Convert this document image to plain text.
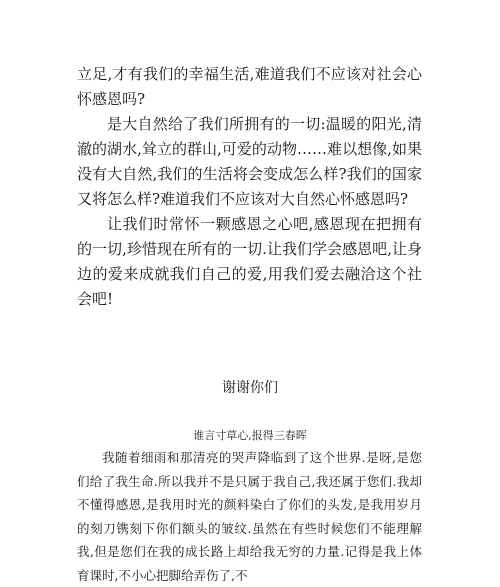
立足,才有我们的幸福生活,难道我们不应该对社会心怀感恩吗?

是大自然给了我们所拥有的一切:温暖的阳光,清澈的湖水,耸立的群山,可爱的动物……难以想像,如果没有大自然,我们的生活将会变成怎么样?我们的国家又将怎么样?难道我们不应该对大自然心怀感恩吗?

让我们时常怀一颗感恩之心吧,感恩现在把拥有的一切,珍惜现在所有的一切.让我们学会感恩吧,让身边的爱来成就我们自己的爱,用我们爱去融洽这个社会吧!

谢谢你们
谁言寸草心,报得三春晖

我随着细雨和那清亮的哭声降临到了这个世界.是呀,是您们给了我生命.所以我并不是只属于我自己,我还属于您们.我却不懂得感恩,是我用时光的颜料染白了你们的头发,是我用岁月的刻刀镌刻下你们额头的皱纹.虽然在有些时候您们不能理解我,但是您们在我的成长路上却给我无穷的力量.记得是我上体育课时,不小心把脚给弄伤了,不
